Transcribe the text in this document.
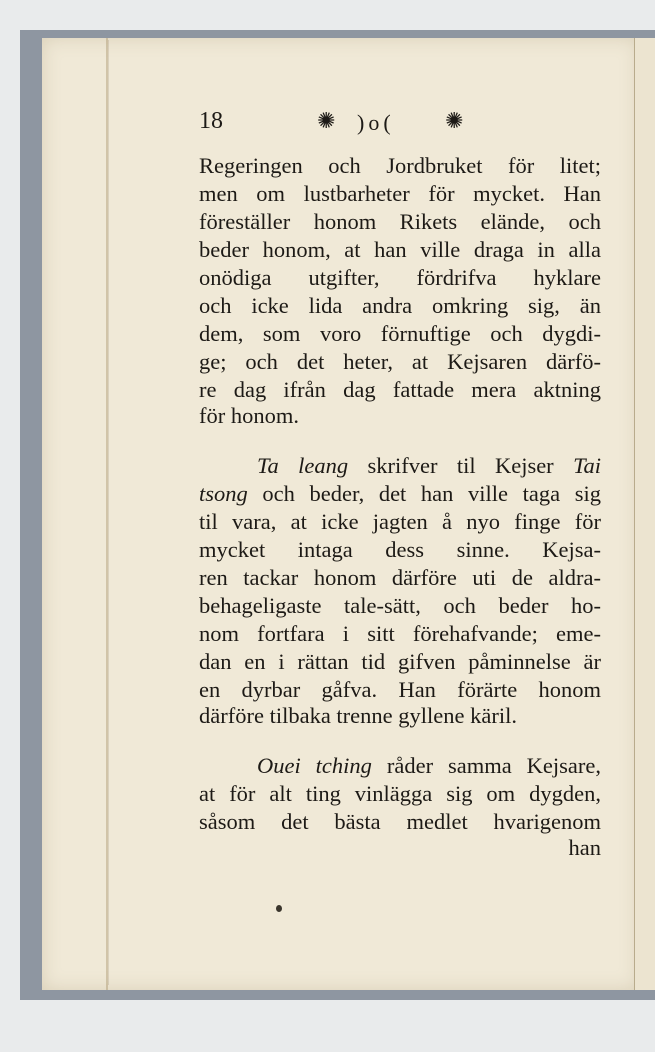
18	✺ )o( ✺
Regeringen och Jordbruket för litet;
men om lustbarheter för mycket. Han
föreställer honom Rikets elände, och
beder honom, at han ville draga in alla
onödiga utgifter, fördrifva hyklare
och icke lida andra omkring sig, än
dem, som voro förnuftige och dygdi-
ge; och det heter, at Kejsaren därfö-
re dag ifrån dag fattade mera aktning
för honom.
Ta leang skrifver til Kejser Tai
tsong och beder, det han ville taga sig
til vara, at icke jagten å nyo finge för
mycket intaga dess sinne. Kejsa-
ren tackar honom därföre uti de aldra-
behageligaste tale-sätt, och beder ho-
nom fortfara i sitt förehafvande; eme-
dan en i rättan tid gifven påminnelse är
en dyrbar gåfva. Han förärte honom
därföre tilbaka trenne gyllene käril.
Ouei tching råder samma Kejsare,
at för alt ting vinlägga sig om dygden,
såsom det bästa medlet hvarigenom
han
